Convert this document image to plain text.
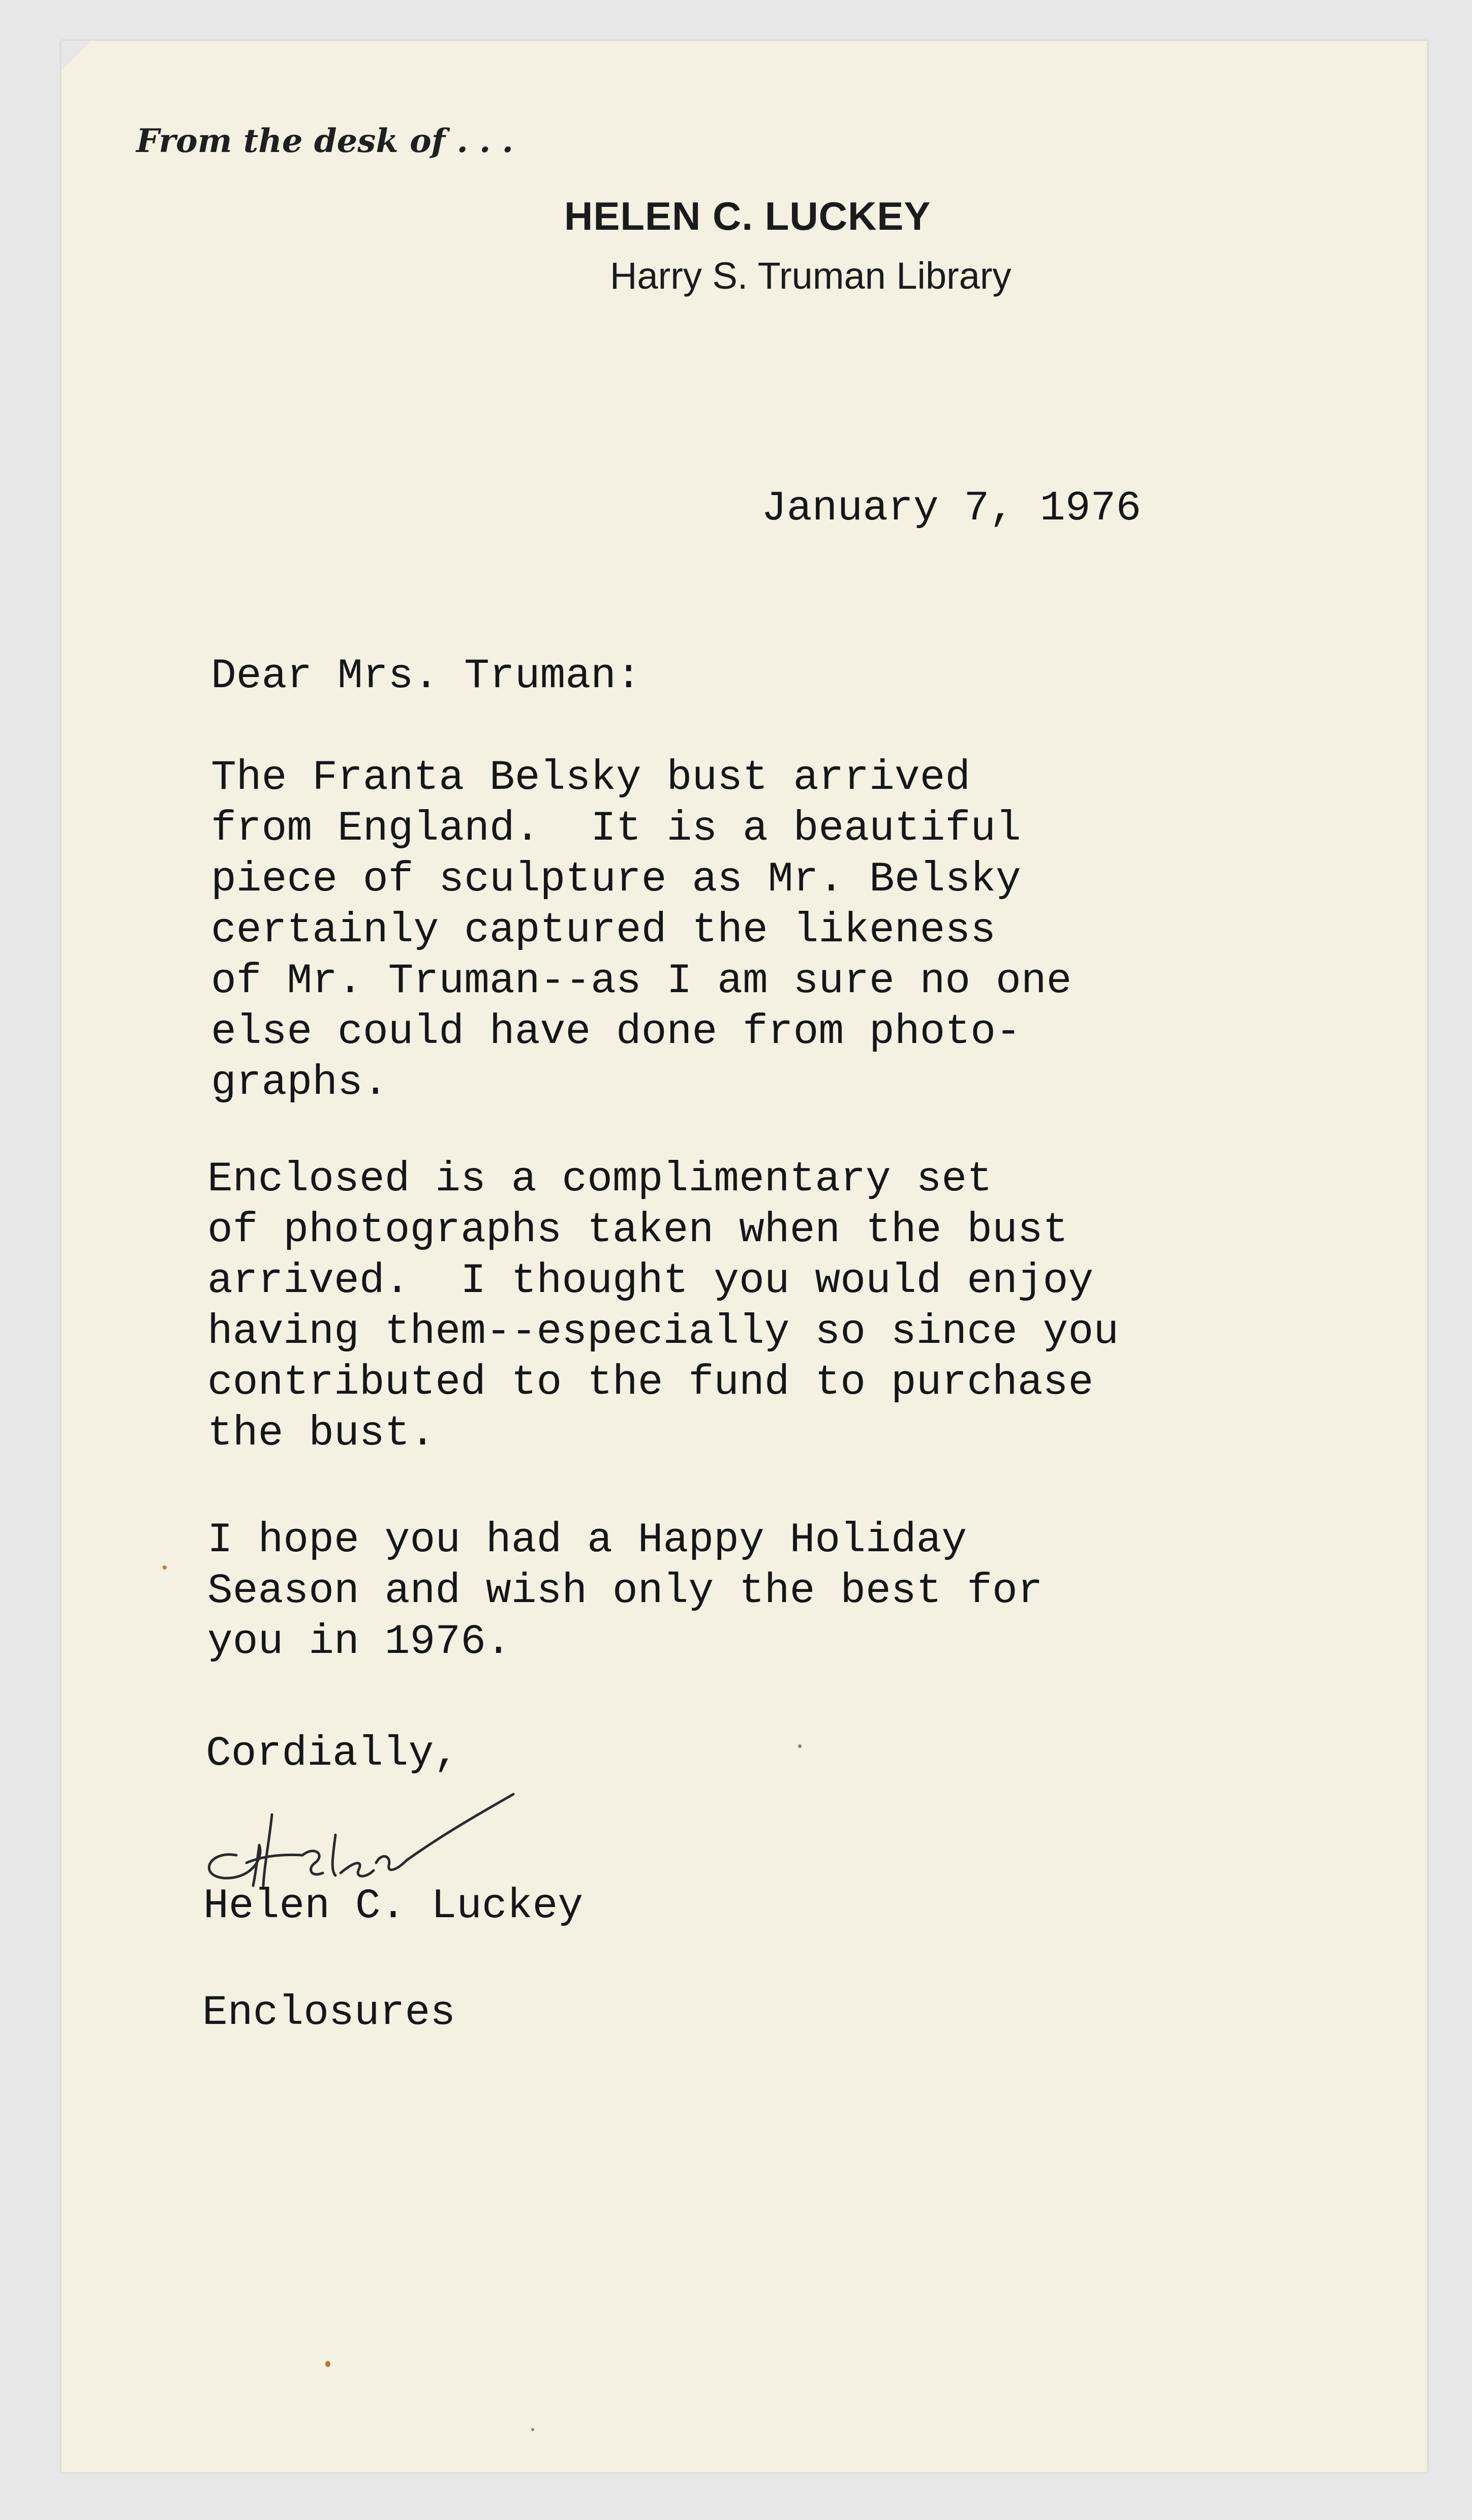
From the desk of . . .
HELEN C. LUCKEY
Harry S. Truman Library
January 7, 1976
Dear Mrs. Truman:
The Franta Belsky bust arrived
from England.  It is a beautiful
piece of sculpture as Mr. Belsky
certainly captured the likeness
of Mr. Truman--as I am sure no one
else could have done from photo-
graphs.
Enclosed is a complimentary set
of photographs taken when the bust
arrived.  I thought you would enjoy
having them--especially so since you
contributed to the fund to purchase
the bust.
I hope you had a Happy Holiday
Season and wish only the best for
you in 1976.
Cordially,
Helen C. Luckey
Enclosures
